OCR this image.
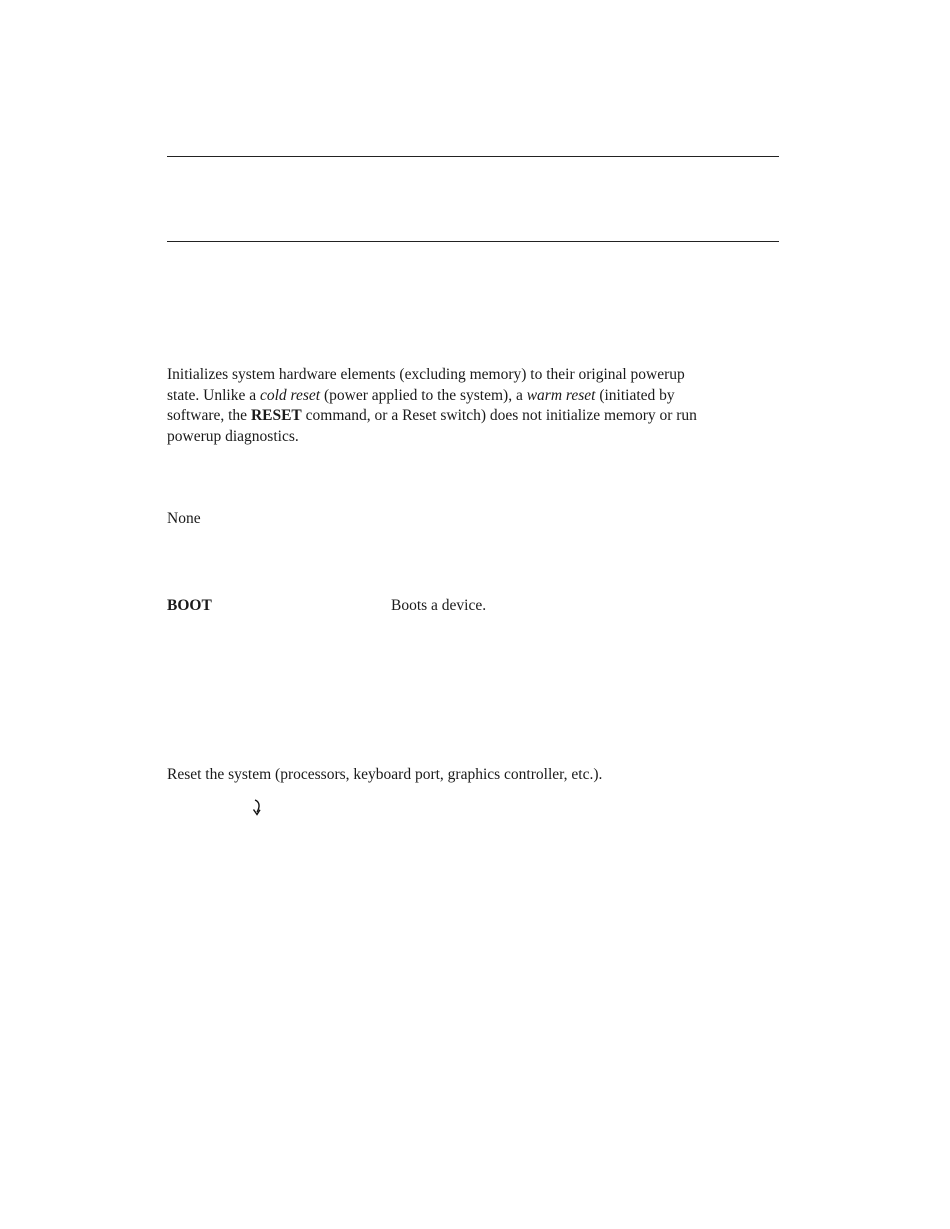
Initializes system hardware elements (excluding memory) to their original powerup
state. Unlike a cold reset (power applied to the system), a warm reset (initiated by
software, the RESET command, or a Reset switch) does not initialize memory or run
powerup diagnostics.
None
BOOT	Boots a device.
Reset the system (processors, keyboard port, graphics controller, etc.).
